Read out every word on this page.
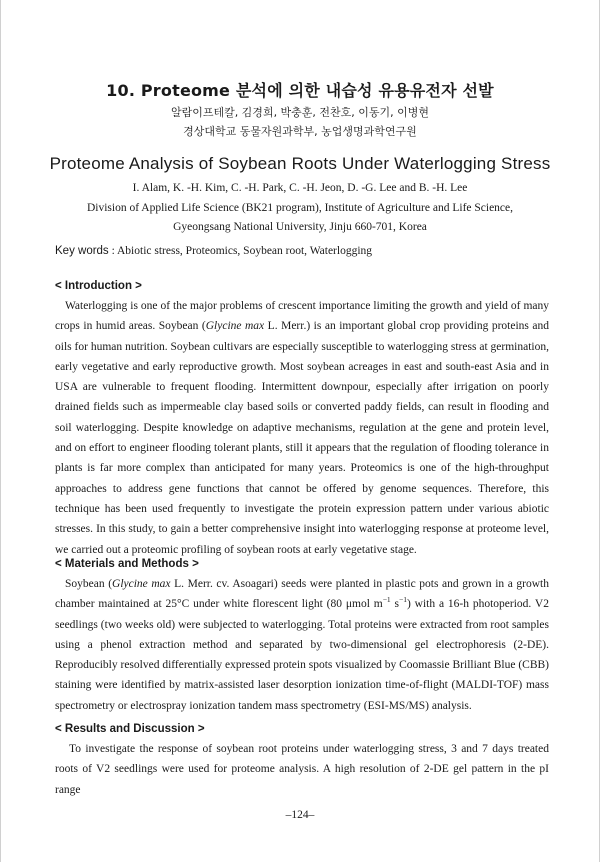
10. Proteome 분석에 의한 내습성 유용유전자 선발
알람이프테칼, 김경희, 박충훈, 전찬호, 이동기, 이병현
경상대학교 동물자원과학부, 농업생명과학연구원
Proteome Analysis of Soybean Roots Under Waterlogging Stress
I. Alam, K. -H. Kim, C. -H. Park, C. -H. Jeon, D. -G. Lee and B. -H. Lee
Division of Applied Life Science (BK21 program), Institute of Agriculture and Life Science,
Gyeongsang National University, Jinju 660-701, Korea
Key words : Abiotic stress, Proteomics, Soybean root, Waterlogging
< Introduction >

Waterlogging is one of the major problems of crescent importance limiting the growth and yield of many crops in humid areas. Soybean (Glycine max L. Merr.) is an important global crop providing proteins and oils for human nutrition. Soybean cultivars are especially susceptible to waterlogging stress at germination, early vegetative and early reproductive growth. Most soybean acreages in east and south-east Asia and in USA are vulnerable to frequent flooding. Intermittent downpour, especially after irrigation on poorly drained fields such as impermeable clay based soils or converted paddy fields, can result in flooding and soil waterlogging. Despite knowledge on adaptive mechanisms, regulation at the gene and protein level, and on effort to engineer flooding tolerant plants, still it appears that the regulation of flooding tolerance in plants is far more complex than anticipated for many years. Proteomics is one of the high-throughput approaches to address gene functions that cannot be offered by genome sequences. Therefore, this technique has been used frequently to investigate the protein expression pattern under various abiotic stresses. In this study, to gain a better comprehensive insight into waterlogging response at proteome level, we carried out a proteomic profiling of soybean roots at early vegetative stage.

< Materials and Methods >

Soybean (Glycine max L. Merr. cv. Asoagari) seeds were planted in plastic pots and grown in a growth chamber maintained at 25°C under white florescent light (80 μmol $m^{-1}$ $s^{-1}$) with a 16-h photoperiod. V2 seedlings (two weeks old) were subjected to waterlogging. Total proteins were extracted from root samples using a phenol extraction method and separated by two-dimensional gel electrophoresis (2-DE). Reproducibly resolved differentially expressed protein spots visualized by Coomassie Brilliant Blue (CBB) staining were identified by matrix-assisted laser desorption ionization time-of-flight (MALDI-TOF) mass spectrometry or electrospray ionization tandem mass spectrometry (ESI-MS/MS) analysis.

< Results and Discussion >

To investigate the response of soybean root proteins under waterlogging stress, 3 and 7 days treated roots of V2 seedlings were used for proteome analysis. A high resolution of 2-DE gel pattern in the pI range

–124–
